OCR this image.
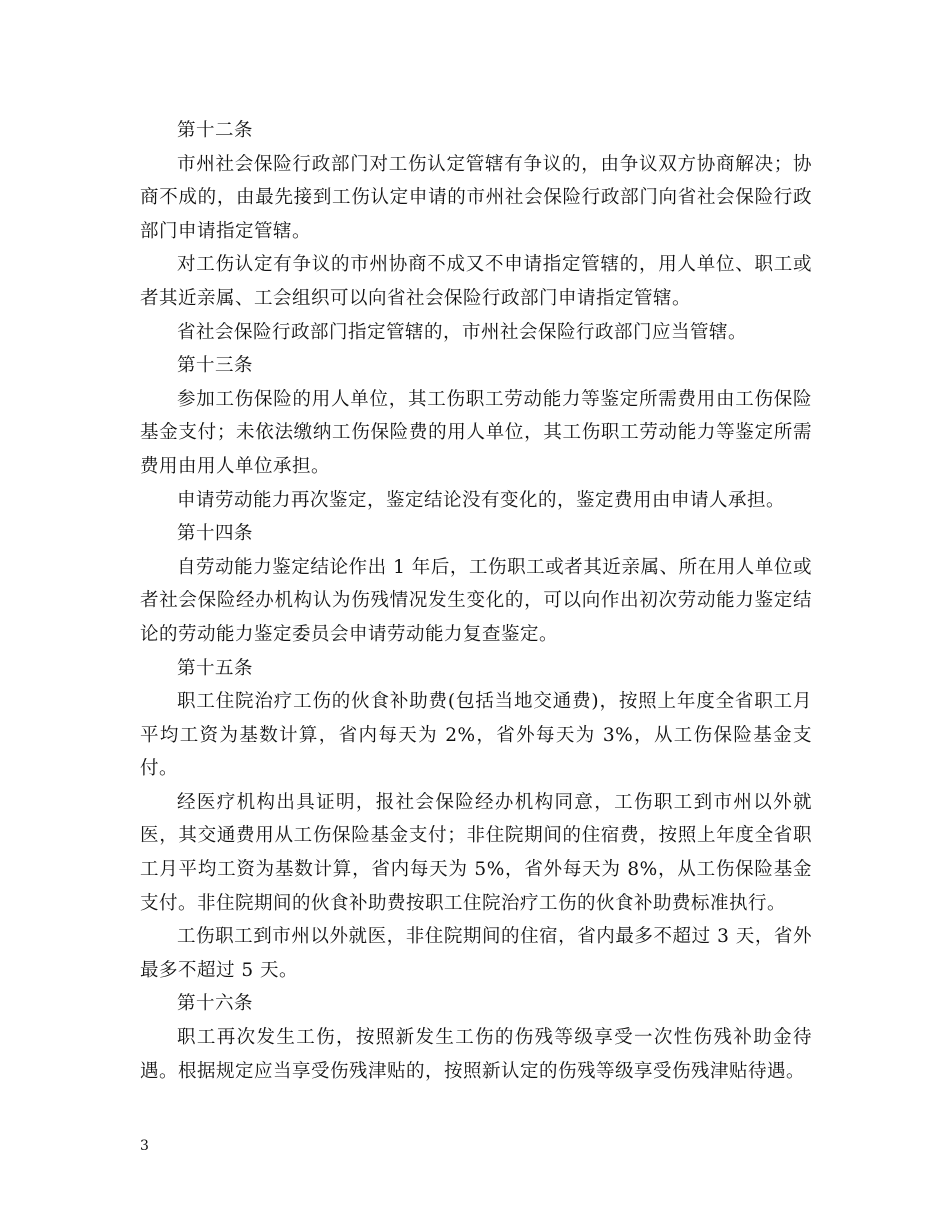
第十二条

市州社会保险行政部门对工伤认定管辖有争议的，由争议双方协商解决；协商不成的，由最先接到工伤认定申请的市州社会保险行政部门向省社会保险行政部门申请指定管辖。

对工伤认定有争议的市州协商不成又不申请指定管辖的，用人单位、职工或者其近亲属、工会组织可以向省社会保险行政部门申请指定管辖。

省社会保险行政部门指定管辖的，市州社会保险行政部门应当管辖。

第十三条

参加工伤保险的用人单位，其工伤职工劳动能力等鉴定所需费用由工伤保险基金支付；未依法缴纳工伤保险费的用人单位，其工伤职工劳动能力等鉴定所需费用由用人单位承担。

申请劳动能力再次鉴定，鉴定结论没有变化的，鉴定费用由申请人承担。

第十四条

自劳动能力鉴定结论作出 1 年后，工伤职工或者其近亲属、所在用人单位或者社会保险经办机构认为伤残情况发生变化的，可以向作出初次劳动能力鉴定结论的劳动能力鉴定委员会申请劳动能力复查鉴定。

第十五条

职工住院治疗工伤的伙食补助费(包括当地交通费)，按照上年度全省职工月平均工资为基数计算，省内每天为 2%，省外每天为 3%，从工伤保险基金支付。

经医疗机构出具证明，报社会保险经办机构同意，工伤职工到市州以外就医，其交通费用从工伤保险基金支付；非住院期间的住宿费，按照上年度全省职工月平均工资为基数计算，省内每天为 5%，省外每天为 8%，从工伤保险基金支付。非住院期间的伙食补助费按职工住院治疗工伤的伙食补助费标准执行。

工伤职工到市州以外就医，非住院期间的住宿，省内最多不超过 3 天，省外最多不超过 5 天。

第十六条

职工再次发生工伤，按照新发生工伤的伤残等级享受一次性伤残补助金待遇。根据规定应当享受伤残津贴的，按照新认定的伤残等级享受伤残津贴待遇。

3
